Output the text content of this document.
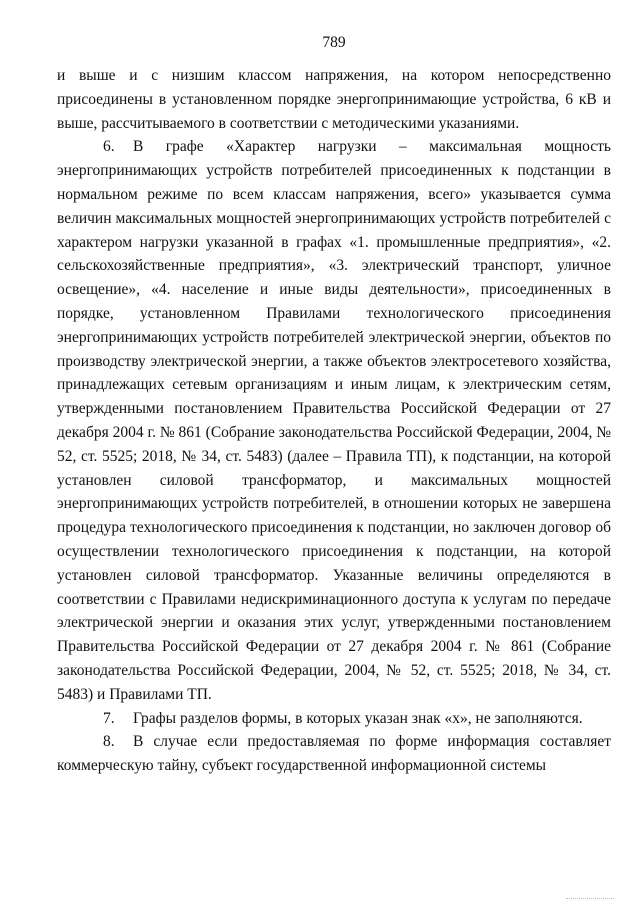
789

и выше и с низшим классом напряжения, на котором непосредственно присоединены в установленном порядке энергопринимающие устройства, 6 кВ и выше, рассчитываемого в соответствии с методическими указаниями.

6. В графе «Характер нагрузки – максимальная мощность энергопринимающих устройств потребителей присоединенных к подстанции в нормальном режиме по всем классам напряжения, всего» указывается сумма величин максимальных мощностей энергопринимающих устройств потребителей с характером нагрузки указанной в графах «1. промышленные предприятия», «2. сельскохозяйственные предприятия», «3. электрический транспорт, уличное освещение», «4. население и иные виды деятельности», присоединенных в порядке, установленном Правилами технологического присоединения энергопринимающих устройств потребителей электрической энергии, объектов по производству электрической энергии, а также объектов электросетевого хозяйства, принадлежащих сетевым организациям и иным лицам, к электрическим сетям, утвержденными постановлением Правительства Российской Федерации от 27 декабря 2004 г. № 861 (Собрание законодательства Российской Федерации, 2004, № 52, ст. 5525; 2018, № 34, ст. 5483) (далее – Правила ТП), к подстанции, на которой установлен силовой трансформатор, и максимальных мощностей энергопринимающих устройств потребителей, в отношении которых не завершена процедура технологического присоединения к подстанции, но заключен договор об осуществлении технологического присоединения к подстанции, на которой установлен силовой трансформатор. Указанные величины определяются в соответствии с Правилами недискриминационного доступа к услугам по передаче электрической энергии и оказания этих услуг, утвержденными постановлением Правительства Российской Федерации от 27 декабря 2004 г. № 861 (Собрание законодательства Российской Федерации, 2004, № 52, ст. 5525; 2018, № 34, ст. 5483) и Правилами ТП.

7. Графы разделов формы, в которых указан знак «х», не заполняются.

8. В случае если предоставляемая по форме информация составляет коммерческую тайну, субъект государственной информационной системы
